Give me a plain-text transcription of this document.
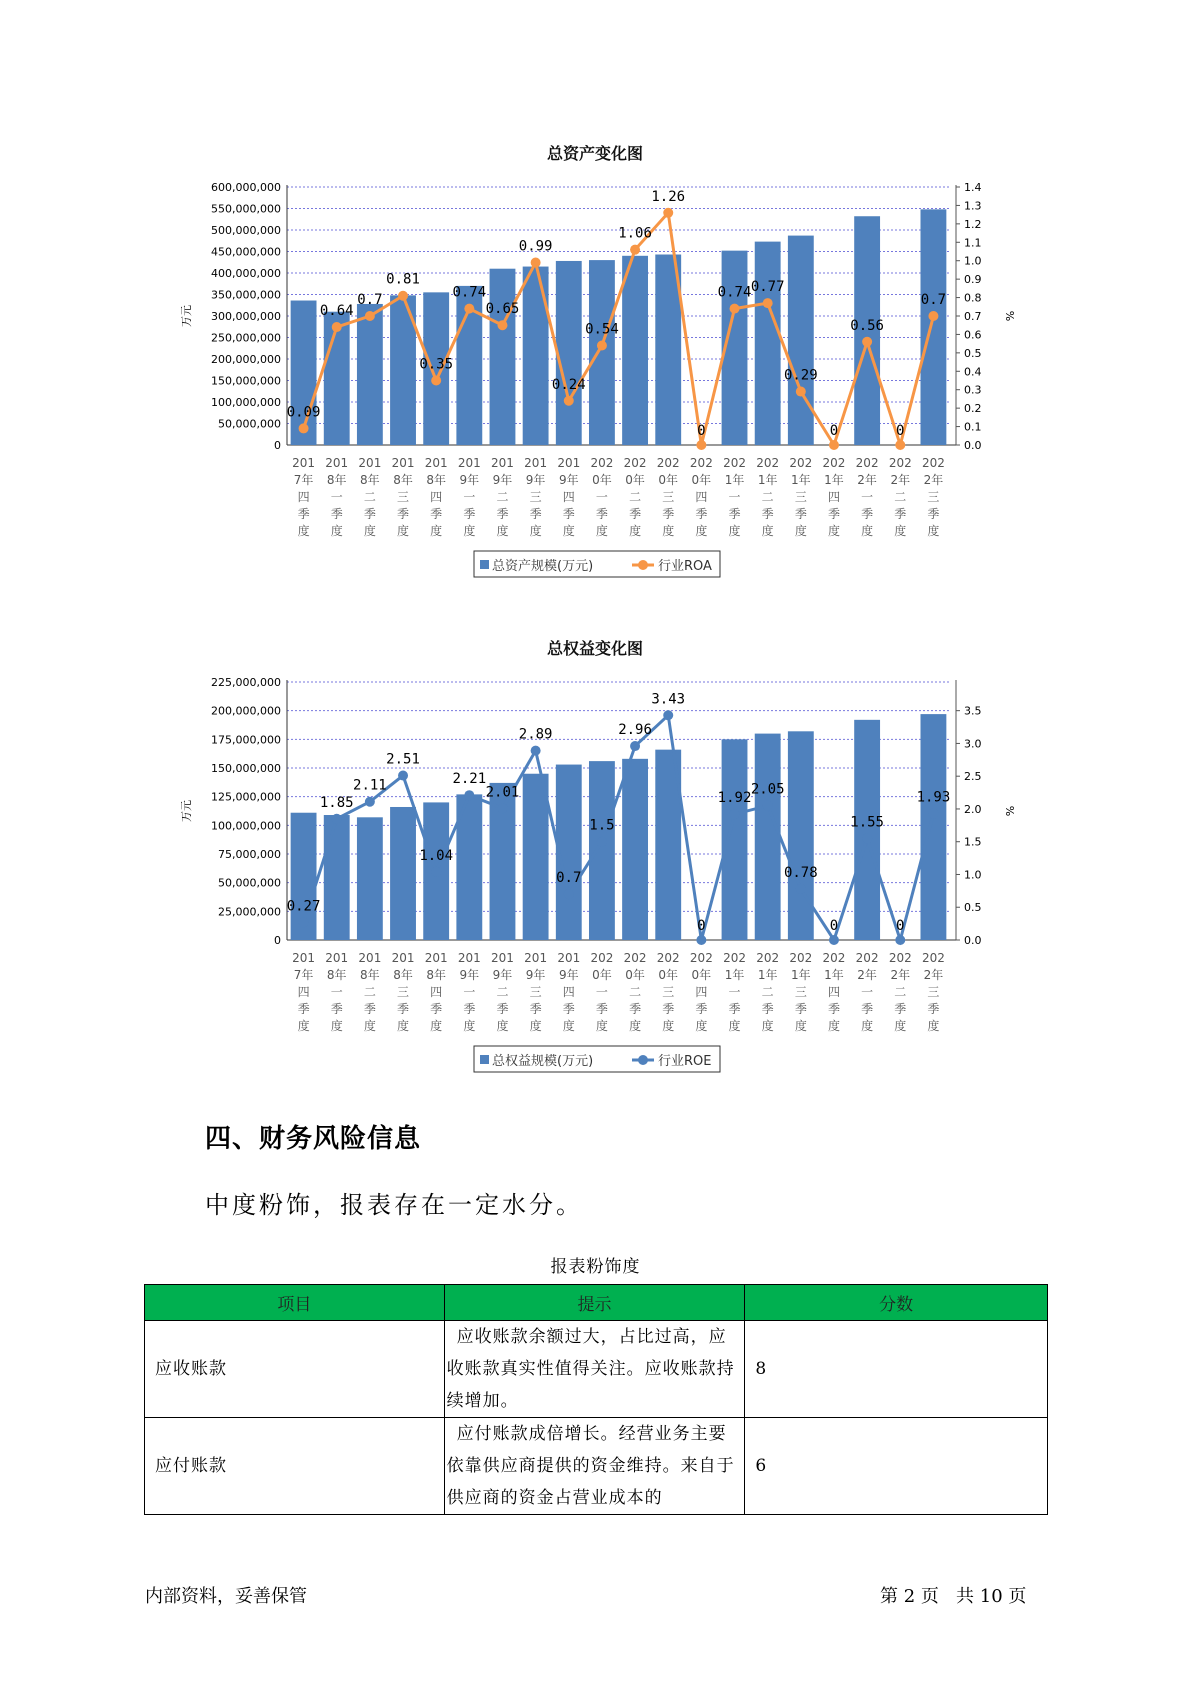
总资产变化图
600,000,000
550,000,000
500,000,000
450,000,000
400,000,000
350,000,000
300,000,000
250,000,000
200,000,000
150,000,000
100,000,000
50,000,000
0
1.4
1.3
1.2
1.1
1.0
0.9
0.8
0.7
0.6
0.5
0.4
0.3
0.2
0.1
0.0
万元	%
0.09
0.64
0.7
0.81
0.35
0.74
0.65
0.99
0.24
0.54
1.06
1.26
0
0.74 0.77
0.29
0
0.56
0
0.7
201
7年
四
季
度
201
8年
一
季
度
201
8年
二
季
度
201
8年
三
季
度
201
8年
四
季
度
201
9年
一
季
度
201
9年
二
季
度
201
9年
三
季
度
201
9年
四
季
度
202
0年
一
季
度
202
0年
二
季
度
202
0年
三
季
度
202
0年
四
季
度
202
1年
一
季
度
202
1年
二
季
度
202
1年
三
季
度
202
1年
四
季
度
202
2年
一
季
度
202
2年
二
季
度
202
2年
三
季
度
总资产规模(万元)	行业ROA
总权益变化图
225,000,000
200,000,000
175,000,000
150,000,000
125,000,000
100,000,000
75,000,000
50,000,000
25,000,000
0
3.5
3.0
2.5
2.0
1.5
1.0
0.5
0.0
万元	%
0.27
1.85
2.11
2.51
1.04
2.21
2.01
2.89
0.7
1.5
2.96
3.43
0
1.92
2.05
0.78
0
1.55
0
1.93
201
7年
四
季
度
201
8年
一
季
度
201
8年
二
季
度
201
8年
三
季
度
201
8年
四
季
度
201
9年
一
季
度
201
9年
二
季
度
201
9年
三
季
度
201
9年
四
季
度
202
0年
一
季
度
202
0年
二
季
度
202
0年
三
季
度
202
0年
四
季
度
202
1年
一
季
度
202
1年
二
季
度
202
1年
三
季
度
202
1年
四
季
度
202
2年
一
季
度
202
2年
二
季
度
202
2年
三
季
度
总权益规模(万元)	行业ROE
四、财务风险信息
中度粉饰，报表存在一定水分。
报表粉饰度
项目	提示	分数
应收账款	应收账款余额过大，占比过高，应收账款真实性值得关注。应收账款持续增加。	8
应付账款	应付账款成倍增长。经营业务主要依靠供应商提供的资金维持。来自于供应商的资金占营业成本的	6
内部资料，妥善保管	第 2 页   共 10 页
